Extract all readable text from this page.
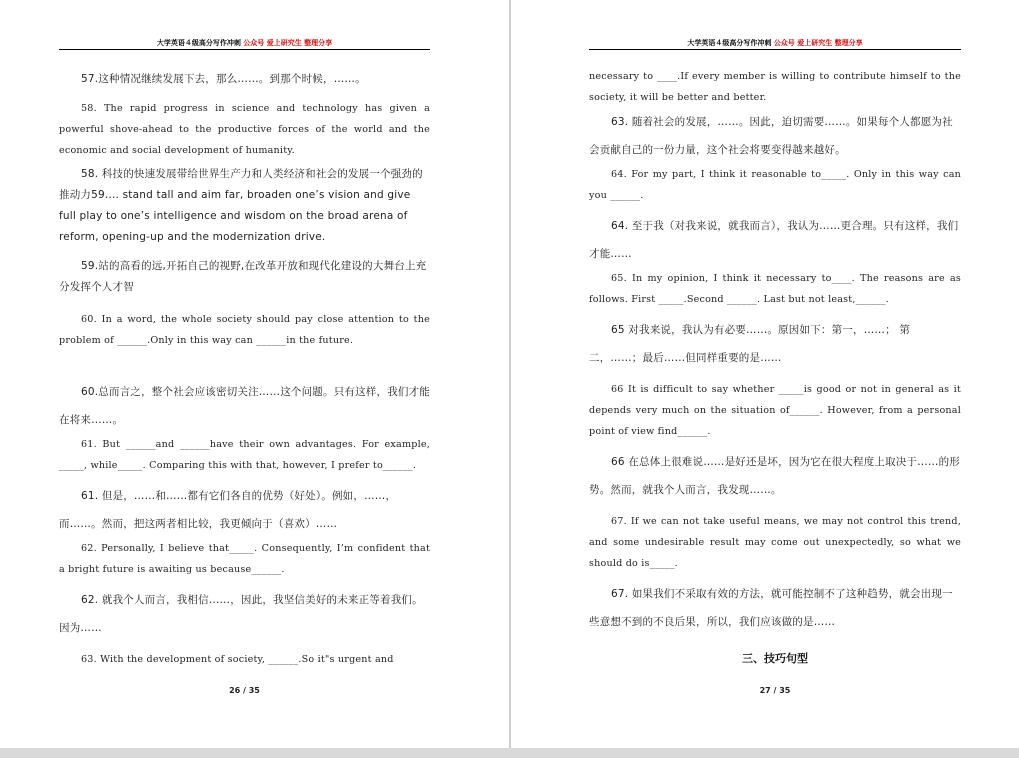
大学英语４级高分写作冲刺 公众号 爱上研究生 整理分享
57.这种情况继续发展下去，那么……。到那个时候，……。
58. The rapid progress in science and technology has given a powerful shove-ahead to the productive forces of the world and the economic and social development of humanity.
58. 科技的快速发展带给世界生产力和人类经济和社会的发展一个强劲的推动力59…. stand tall and aim far, broaden one’s vision and give full play to one’s intelligence and wisdom on the broad arena of reform, opening-up and the modernization drive.
59.站的高看的远,开拓自己的视野,在改革开放和现代化建设的大舞台上充分发挥个人才智
60. In a word, the whole society should pay close attention to the problem of ______.Only in this way can ______in the future.
60.总而言之，整个社会应该密切关注……这个问题。只有这样，我们才能在将来……。
61. But ______and ______have their own advantages. For example, _____, while_____. Comparing this with that, however, I prefer to______.
61. 但是，……和……都有它们各自的优势（好处）。例如，……，而……。然而，把这两者相比较，我更倾向于（喜欢）……
62. Personally, I believe that_____. Consequently, I’m confident that a bright future is awaiting us because______.
62. 就我个人而言，我相信……，因此，我坚信美好的未来正等着我们。因为……
63. With the development of society, ______.So it"s urgent and
26 / 35
大学英语４级高分写作冲刺 公众号 爱上研究生 整理分享
necessary to ____.If every member is willing to contribute himself to the society, it will be better and better.
63. 随着社会的发展，……。因此，迫切需要……。如果每个人都愿为社会贡献自己的一份力量，这个社会将要变得越来越好。
64. For my part, I think it reasonable to_____. Only in this way can you ______.
64. 至于我（对我来说，就我而言），我认为……更合理。只有这样，我们才能……
65. In my opinion, I think it necessary to____. The reasons are as follows. First _____.Second ______. Last but not least,______.
65 对我来说，我认为有必要……。原因如下：第一，……； 第二，……；最后……但同样重要的是……
66 It is difficult to say whether _____is good or not in general as it depends very much on the situation of______. However, from a personal point of view find______.
66 在总体上很难说……是好还是坏，因为它在很大程度上取决于……的形势。然而，就我个人而言，我发现……。
67. If we can not take useful means, we may not control this trend, and some undesirable result may come out unexpectedly, so what we should do is_____.
67. 如果我们不采取有效的方法，就可能控制不了这种趋势，就会出现一些意想不到的不良后果，所以，我们应该做的是……
三、技巧句型
27 / 35
